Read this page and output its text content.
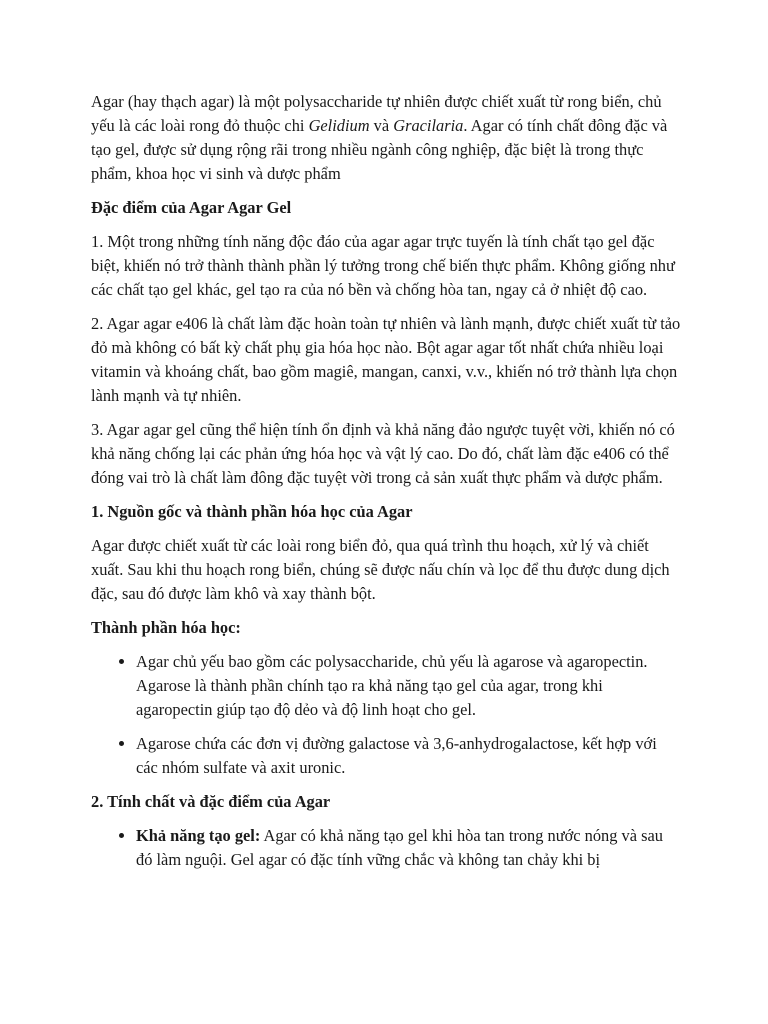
Agar (hay thạch agar) là một polysaccharide tự nhiên được chiết xuất từ rong biển, chủ yếu là các loài rong đỏ thuộc chi Gelidium và Gracilaria. Agar có tính chất đông đặc và tạo gel, được sử dụng rộng rãi trong nhiều ngành công nghiệp, đặc biệt là trong thực phẩm, khoa học vi sinh và dược phẩm

Đặc điểm của Agar Agar Gel

1. Một trong những tính năng độc đáo của agar agar trực tuyến là tính chất tạo gel đặc biệt, khiến nó trở thành thành phần lý tưởng trong chế biến thực phẩm. Không giống như các chất tạo gel khác, gel tạo ra của nó bền và chống hòa tan, ngay cả ở nhiệt độ cao.

2. Agar agar e406 là chất làm đặc hoàn toàn tự nhiên và lành mạnh, được chiết xuất từ tảo đỏ mà không có bất kỳ chất phụ gia hóa học nào. Bột agar agar tốt nhất chứa nhiều loại vitamin và khoáng chất, bao gồm magiê, mangan, canxi, v.v., khiến nó trở thành lựa chọn lành mạnh và tự nhiên.

3. Agar agar gel cũng thể hiện tính ổn định và khả năng đảo ngược tuyệt vời, khiến nó có khả năng chống lại các phản ứng hóa học và vật lý cao. Do đó, chất làm đặc e406 có thể đóng vai trò là chất làm đông đặc tuyệt vời trong cả sản xuất thực phẩm và dược phẩm.

1. Nguồn gốc và thành phần hóa học của Agar

Agar được chiết xuất từ các loài rong biển đỏ, qua quá trình thu hoạch, xử lý và chiết xuất. Sau khi thu hoạch rong biển, chúng sẽ được nấu chín và lọc để thu được dung dịch đặc, sau đó được làm khô và xay thành bột.

Thành phần hóa học:

• Agar chủ yếu bao gồm các polysaccharide, chủ yếu là agarose và agaropectin. Agarose là thành phần chính tạo ra khả năng tạo gel của agar, trong khi agaropectin giúp tạo độ dẻo và độ linh hoạt cho gel.
• Agarose chứa các đơn vị đường galactose và 3,6-anhydrogalactose, kết hợp với các nhóm sulfate và axit uronic.

2. Tính chất và đặc điểm của Agar

• Khả năng tạo gel: Agar có khả năng tạo gel khi hòa tan trong nước nóng và sau đó làm nguội. Gel agar có đặc tính vững chắc và không tan chảy khi bị
